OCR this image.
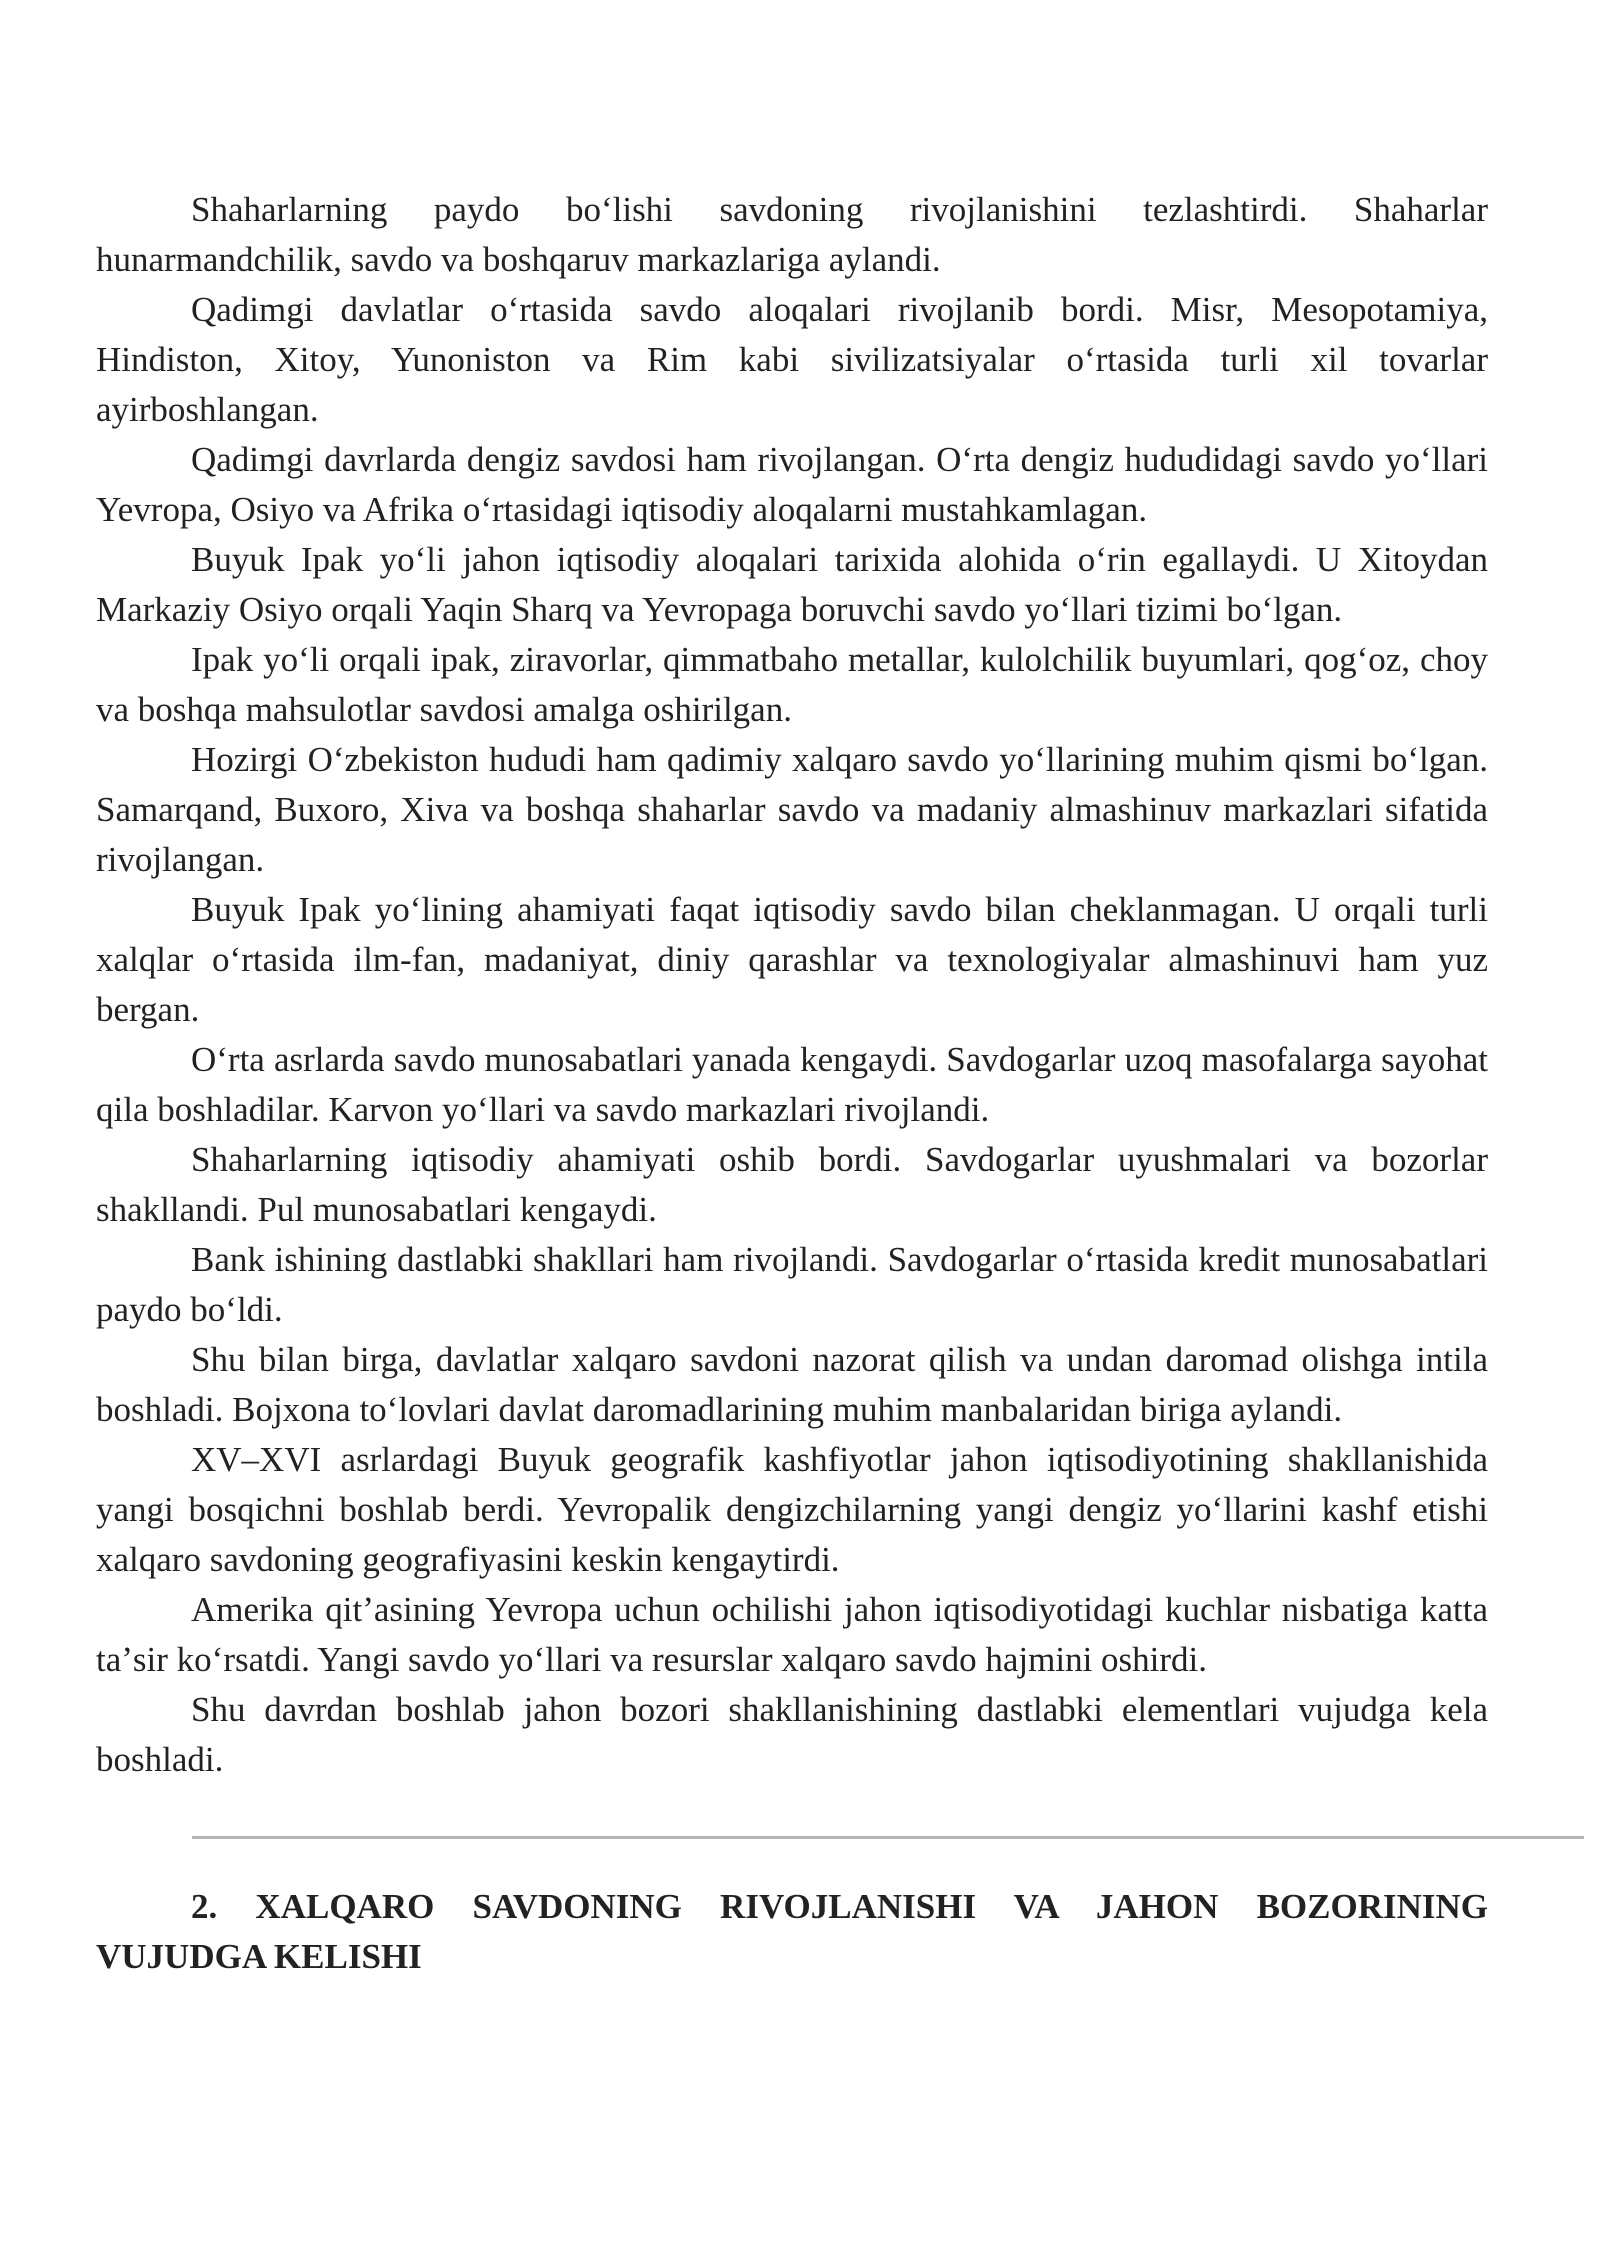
Shaharlarning paydo boʻlishi savdoning rivojlanishini tezlashtirdi. Shaharlar hunarmandchilik, savdo va boshqaruv markazlariga aylandi.

Qadimgi davlatlar oʻrtasida savdo aloqalari rivojlanib bordi. Misr, Mesopotamiya, Hindiston, Xitoy, Yunoniston va Rim kabi sivilizatsiyalar oʻrtasida turli xil tovarlar ayirboshlangan.

Qadimgi davrlarda dengiz savdosi ham rivojlangan. Oʻrta dengiz hududidagi savdo yoʻllari Yevropa, Osiyo va Afrika oʻrtasidagi iqtisodiy aloqalarni mustahkamlagan.

Buyuk Ipak yoʻli jahon iqtisodiy aloqalari tarixida alohida oʻrin egallaydi. U Xitoydan Markaziy Osiyo orqali Yaqin Sharq va Yevropaga boruvchi savdo yoʻllari tizimi boʻlgan.

Ipak yoʻli orqali ipak, ziravorlar, qimmatbaho metallar, kulolchilik buyumlari, qogʻoz, choy va boshqa mahsulotlar savdosi amalga oshirilgan.

Hozirgi Oʻzbekiston hududi ham qadimiy xalqaro savdo yoʻllarining muhim qismi boʻlgan. Samarqand, Buxoro, Xiva va boshqa shaharlar savdo va madaniy almashinuv markazlari sifatida rivojlangan.

Buyuk Ipak yoʻlining ahamiyati faqat iqtisodiy savdo bilan cheklanmagan. U orqali turli xalqlar oʻrtasida ilm-fan, madaniyat, diniy qarashlar va texnologiyalar almashinuvi ham yuz bergan.

Oʻrta asrlarda savdo munosabatlari yanada kengaydi. Savdogarlar uzoq masofalarga sayohat qila boshladilar. Karvon yoʻllari va savdo markazlari rivojlandi.

Shaharlarning iqtisodiy ahamiyati oshib bordi. Savdogarlar uyushmalari va bozorlar shakllandi. Pul munosabatlari kengaydi.

Bank ishining dastlabki shakllari ham rivojlandi. Savdogarlar oʻrtasida kredit munosabatlari paydo boʻldi.

Shu bilan birga, davlatlar xalqaro savdoni nazorat qilish va undan daromad olishga intila boshladi. Bojxona toʻlovlari davlat daromadlarining muhim manbalaridan biriga aylandi.

XV–XVI asrlardagi Buyuk geografik kashfiyotlar jahon iqtisodiyotining shakllanishida yangi bosqichni boshlab berdi. Yevropalik dengizchilarning yangi dengiz yoʻllarini kashf etishi xalqaro savdoning geografiyasini keskin kengaytirdi.

Amerika qitʼasining Yevropa uchun ochilishi jahon iqtisodiyotidagi kuchlar nisbatiga katta taʼsir koʻrsatdi. Yangi savdo yoʻllari va resurslar xalqaro savdo hajmini oshirdi.

Shu davrdan boshlab jahon bozori shakllanishining dastlabki elementlari vujudga kela boshladi.

2. XALQARO SAVDONING RIVOJLANISHI VA JAHON BOZORINING VUJUDGA KELISHI
